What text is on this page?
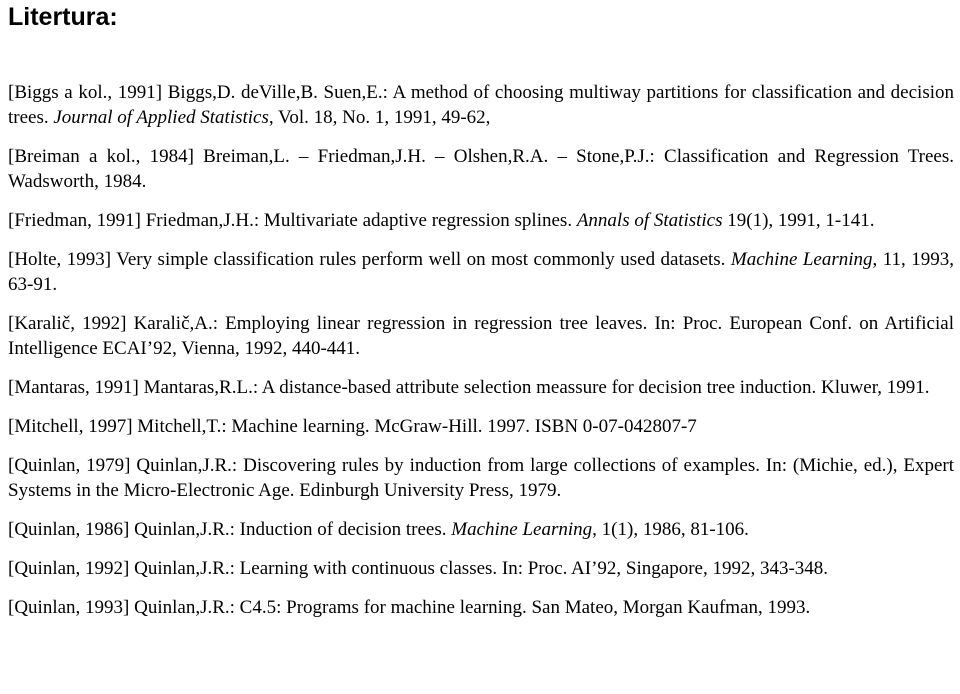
Litertura:
[Biggs a kol., 1991] Biggs,D. deVille,B. Suen,E.: A method of choosing multiway partitions for classification and decision trees. Journal of Applied Statistics, Vol. 18, No. 1, 1991, 49-62,
[Breiman a kol., 1984] Breiman,L. – Friedman,J.H. – Olshen,R.A. – Stone,P.J.: Classification and Regression Trees. Wadsworth, 1984.
[Friedman, 1991] Friedman,J.H.: Multivariate adaptive regression splines. Annals of Statistics 19(1), 1991, 1-141.
[Holte, 1993] Very simple classification rules perform well on most commonly used datasets. Machine Learning, 11, 1993, 63-91.
[Karalič, 1992] Karalič,A.: Employing linear regression in regression tree leaves. In: Proc. European Conf. on Artificial Intelligence ECAI’92, Vienna, 1992, 440-441.
[Mantaras, 1991] Mantaras,R.L.: A distance-based attribute selection meassure for decision tree induction. Kluwer, 1991.
[Mitchell, 1997] Mitchell,T.: Machine learning. McGraw-Hill. 1997. ISBN 0-07-042807-7
[Quinlan, 1979] Quinlan,J.R.: Discovering rules by induction from large collections of examples. In: (Michie, ed.), Expert Systems in the Micro-Electronic Age. Edinburgh University Press, 1979.
[Quinlan, 1986] Quinlan,J.R.: Induction of decision trees. Machine Learning, 1(1), 1986, 81-106.
[Quinlan, 1992] Quinlan,J.R.: Learning with continuous classes. In: Proc. AI’92, Singapore, 1992, 343-348.
[Quinlan, 1993] Quinlan,J.R.: C4.5: Programs for machine learning. San Mateo, Morgan Kaufman, 1993.
